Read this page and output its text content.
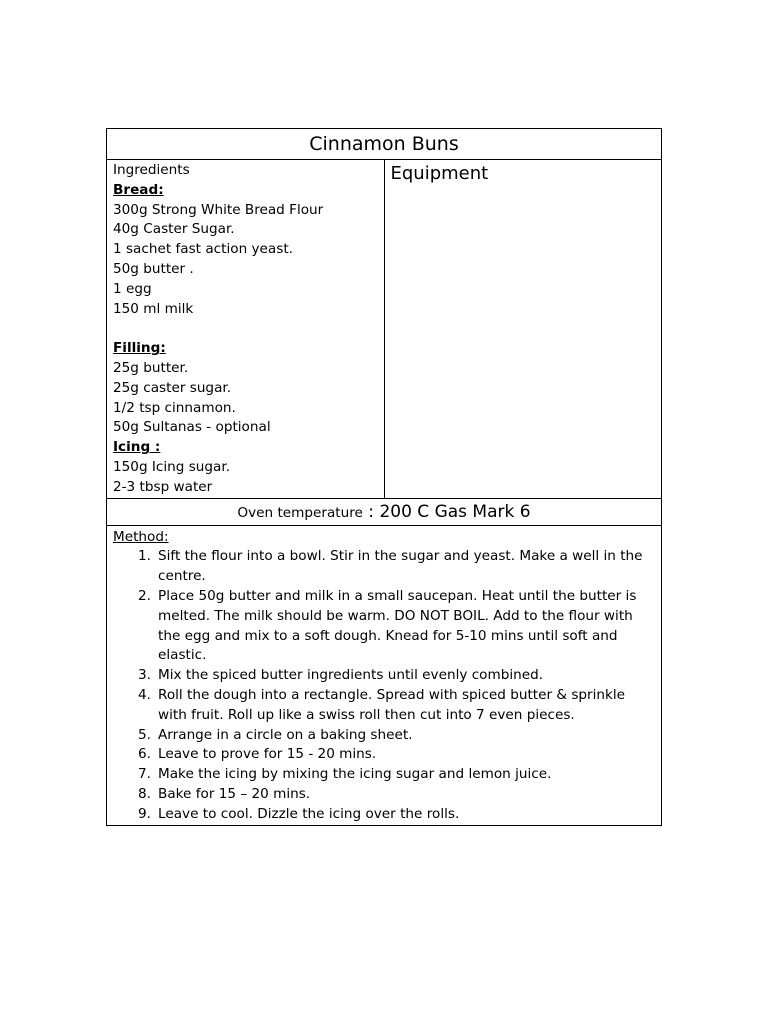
Cinnamon Buns

Ingredients
Bread:
300g Strong White Bread Flour
40g Caster Sugar.
1 sachet fast action yeast.
50g butter .
1 egg
150 ml milk
Filling:
25g butter.
25g caster sugar.
1/2 tsp cinnamon.
50g Sultanas - optional
Icing :
150g Icing sugar.
2-3 tbsp water
	Equipment
Oven temperature : 200 C Gas Mark 6

Method:
1. Sift the flour into a bowl. Stir in the sugar and yeast. Make a well in the centre.
2. Place 50g butter and milk in a small saucepan. Heat until the butter is melted. The milk should be warm. DO NOT BOIL. Add to the flour with the egg and mix to a soft dough. Knead for 5-10 mins until soft and elastic.
3. Mix the spiced butter ingredients until evenly combined.
4. Roll the dough into a rectangle. Spread with spiced butter & sprinkle with fruit. Roll up like a swiss roll then cut into 7 even pieces.
5. Arrange in a circle on a baking sheet.
6. Leave to prove for 15 - 20 mins.
7. Make the icing by mixing the icing sugar and lemon juice.
8. Bake for 15 – 20 mins.
9. Leave to cool. Dizzle the icing over the rolls.
